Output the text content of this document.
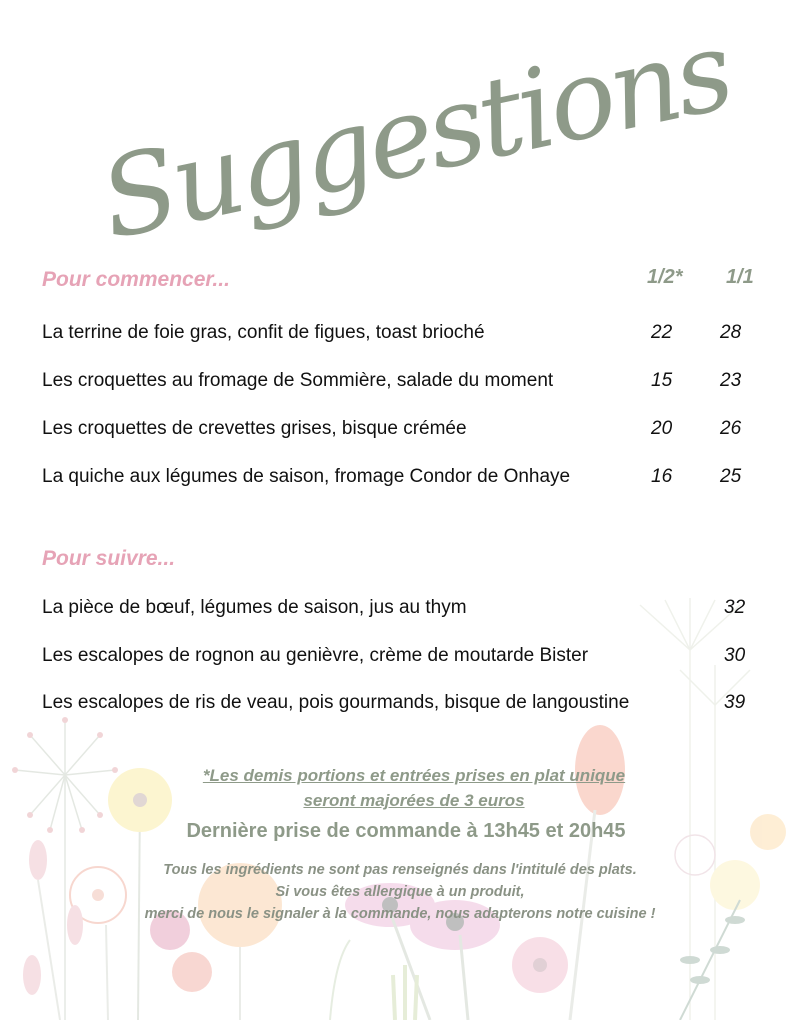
Suggestions
Pour commencer...	1/2* 1/1
La terrine de foie gras, confit de figues, toast brioché	22	28
Les croquettes au fromage de Sommière, salade du moment	15	23
Les croquettes de crevettes grises, bisque crémée	20	26
La quiche aux légumes de saison, fromage Condor de Onhaye	16	25
Pour suivre...
La pièce de bœuf, légumes de saison, jus au thym	32
Les escalopes de rognon au genièvre, crème de moutarde Bister	30
Les escalopes de ris de veau, pois gourmands, bisque de langoustine	39
*Les demis portions et entrées prises en plat unique
seront majorées de 3 euros
Dernière prise de commande à 13h45 et 20h45
Tous les ingrédients ne sont pas renseignés dans l'intitulé des plats.
Si vous êtes allergique à un produit,
merci de nous le signaler à la commande, nous adapterons notre cuisine !
